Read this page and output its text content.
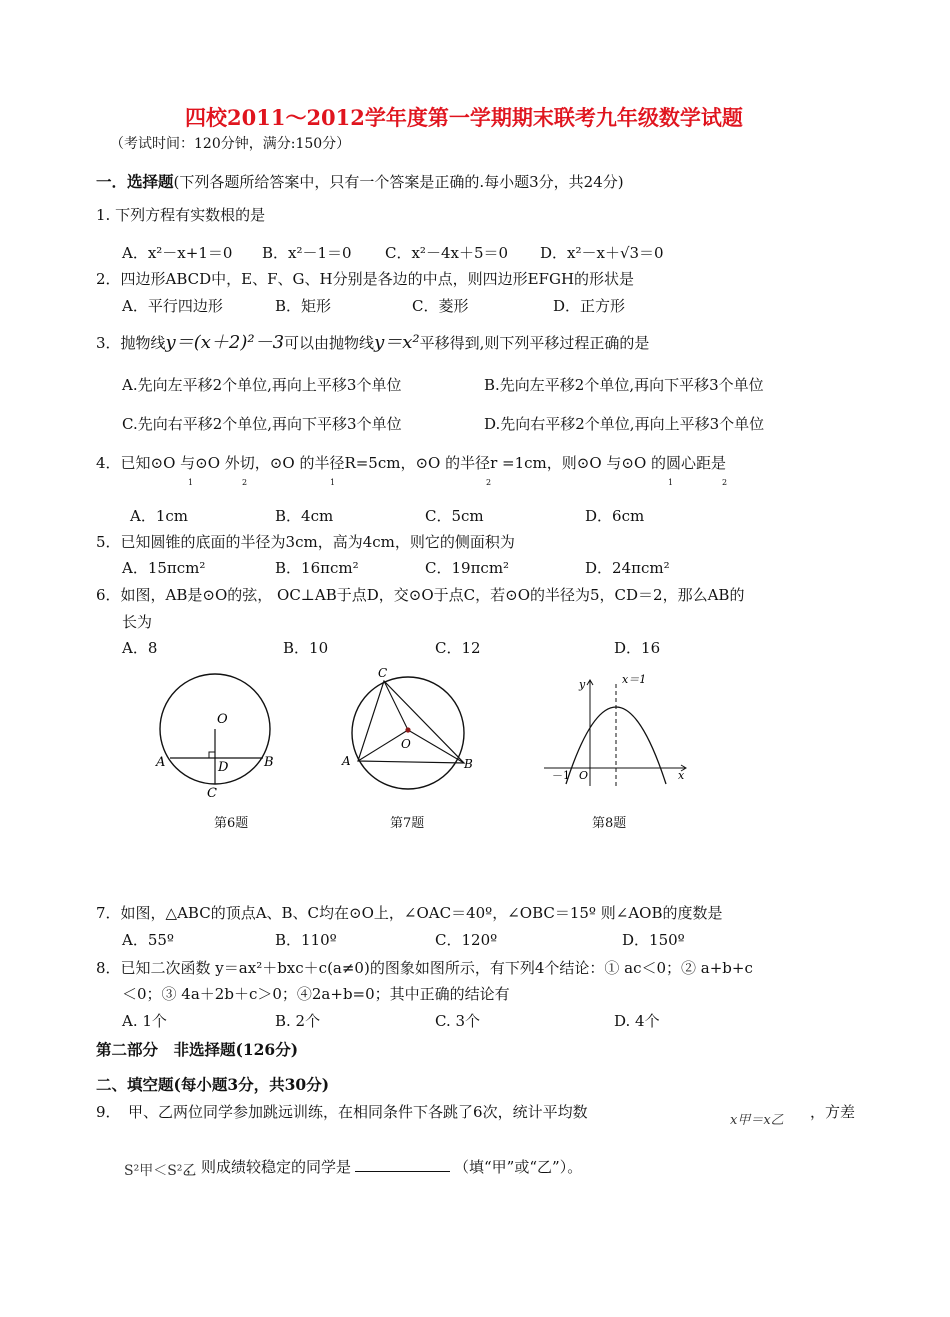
四校2011～2012学年度第一学期期末联考九年级数学试题
（考试时间：120分钟，满分:150分）
一．选择题(下列各题所给答案中，只有一个答案是正确的.每小题3分，共24分)
1. 下列方程有实数根的是
A．x²－x+1＝0 B．x²－1＝0 C．x²－4x＋5＝0 D．x²－x＋√3＝0
2．四边形ABCD中，E、F、G、H分别是各边的中点，则四边形EFGH的形状是
A．平行四边形	B．矩形	C．菱形	D．正方形
3．抛物线y＝(x＋2)²－3可以由抛物线y＝x²平移得到,则下列平移过程正确的是
A.先向左平移2个单位,再向上平移3个单位	B.先向左平移2个单位,再向下平移3个单位
C.先向右平移2个单位,再向下平移3个单位	D.先向右平移2个单位,再向上平移3个单位
4．已知⊙O 与⊙O 外切，⊙O 的半径R=5cm，⊙O 的半径r =1cm，则⊙O 与⊙O 的圆心距是
1	2	1	2	1	2
A．1cm	B．4cm	C．5cm	D．6cm
5．已知圆锥的底面的半径为3cm，高为4cm，则它的侧面积为
A．15πcm²	B．16πcm²	C．19πcm²	D．24πcm²
6．如图，AB是⊙O的弦， OC⊥AB于点D，交⊙O于点C，若⊙O的半径为5，CD＝2，那么AB的
长为
A．8	B．10	C．12	D．16
O
A	D	B
C
第6题
C
O
A	B
第7题
y	x＝1
－1 O	x
第8题
7．如图，△ABC的顶点A、B、C均在⊙O上，∠OAC＝40º，∠OBC＝15º 则∠AOB的度数是
A．55º	B．110º	C．120º	D．150º
8．已知二次函数 y＝ax²＋bxc＋c(a≠0)的图象如图所示，有下列4个结论：① ac＜0；② a+b+c
＜0；③ 4a＋2b＋c＞0；④2a+b=0；其中正确的结论有
A. 1个	B. 2个	C. 3个	D. 4个
第二部分　非选择题(126分)
二、填空题(每小题3分，共30分)
9．　甲、乙两位同学参加跳远训练，在相同条件下各跳了6次，统计平均数	x甲＝x乙 ，方差
S²甲＜S²乙
，则成绩较稳定的同学是	（填“甲”或“乙”）。
